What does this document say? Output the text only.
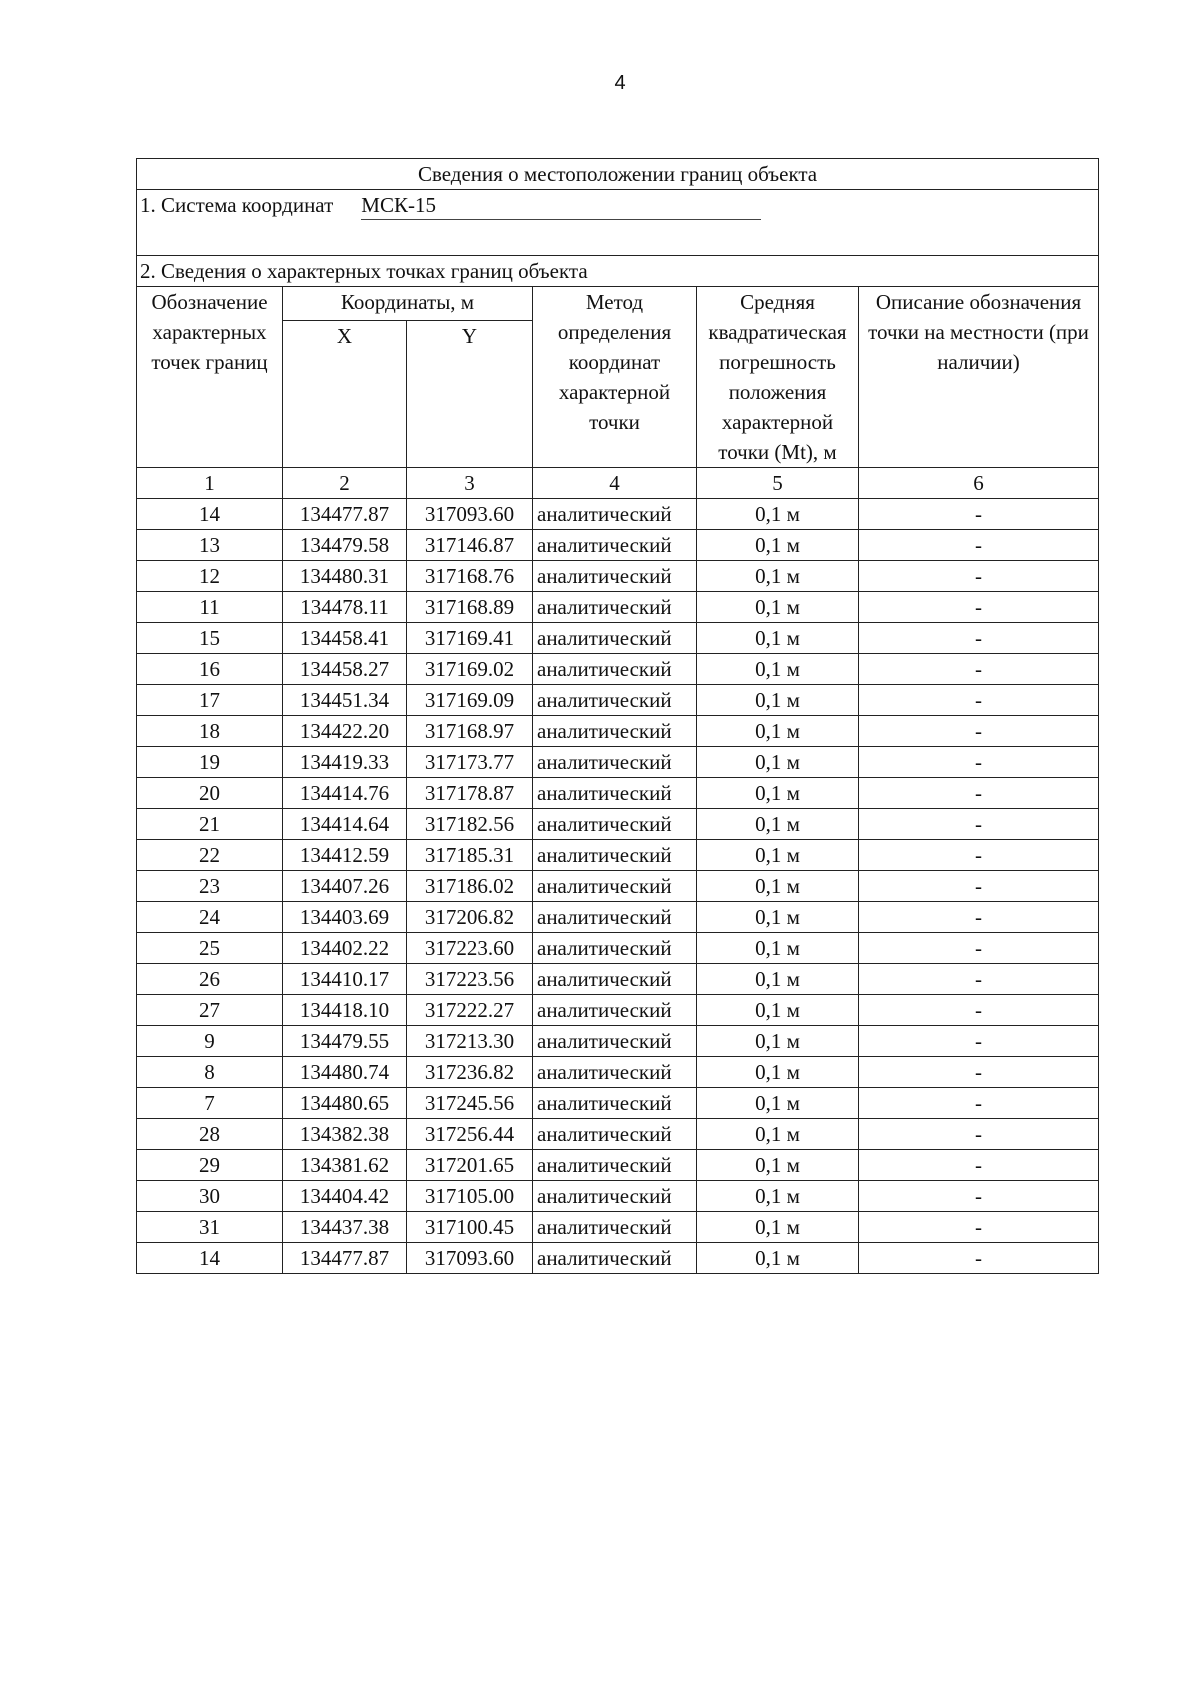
4
Сведения о местоположении границ объекта					
1. Система координат МСК-15					
2. Сведения о характерных точках границ объекта					
Обозначение характерных точек границ	Координаты, м		Метод определения координат характерной точки	Средняя квадратическая погрешность положения характерной точки (Mt), м	Описание обозначения точки на местности (при наличии)
	X	Y			
1	2	3	4	5	6
14	134477.87	317093.60	аналитический	0,1 м	-
13	134479.58	317146.87	аналитический	0,1 м	-
12	134480.31	317168.76	аналитический	0,1 м	-
11	134478.11	317168.89	аналитический	0,1 м	-
15	134458.41	317169.41	аналитический	0,1 м	-
16	134458.27	317169.02	аналитический	0,1 м	-
17	134451.34	317169.09	аналитический	0,1 м	-
18	134422.20	317168.97	аналитический	0,1 м	-
19	134419.33	317173.77	аналитический	0,1 м	-
20	134414.76	317178.87	аналитический	0,1 м	-
21	134414.64	317182.56	аналитический	0,1 м	-
22	134412.59	317185.31	аналитический	0,1 м	-
23	134407.26	317186.02	аналитический	0,1 м	-
24	134403.69	317206.82	аналитический	0,1 м	-
25	134402.22	317223.60	аналитический	0,1 м	-
26	134410.17	317223.56	аналитический	0,1 м	-
27	134418.10	317222.27	аналитический	0,1 м	-
9	134479.55	317213.30	аналитический	0,1 м	-
8	134480.74	317236.82	аналитический	0,1 м	-
7	134480.65	317245.56	аналитический	0,1 м	-
28	134382.38	317256.44	аналитический	0,1 м	-
29	134381.62	317201.65	аналитический	0,1 м	-
30	134404.42	317105.00	аналитический	0,1 м	-
31	134437.38	317100.45	аналитический	0,1 м	-
14	134477.87	317093.60	аналитический	0,1 м	-
